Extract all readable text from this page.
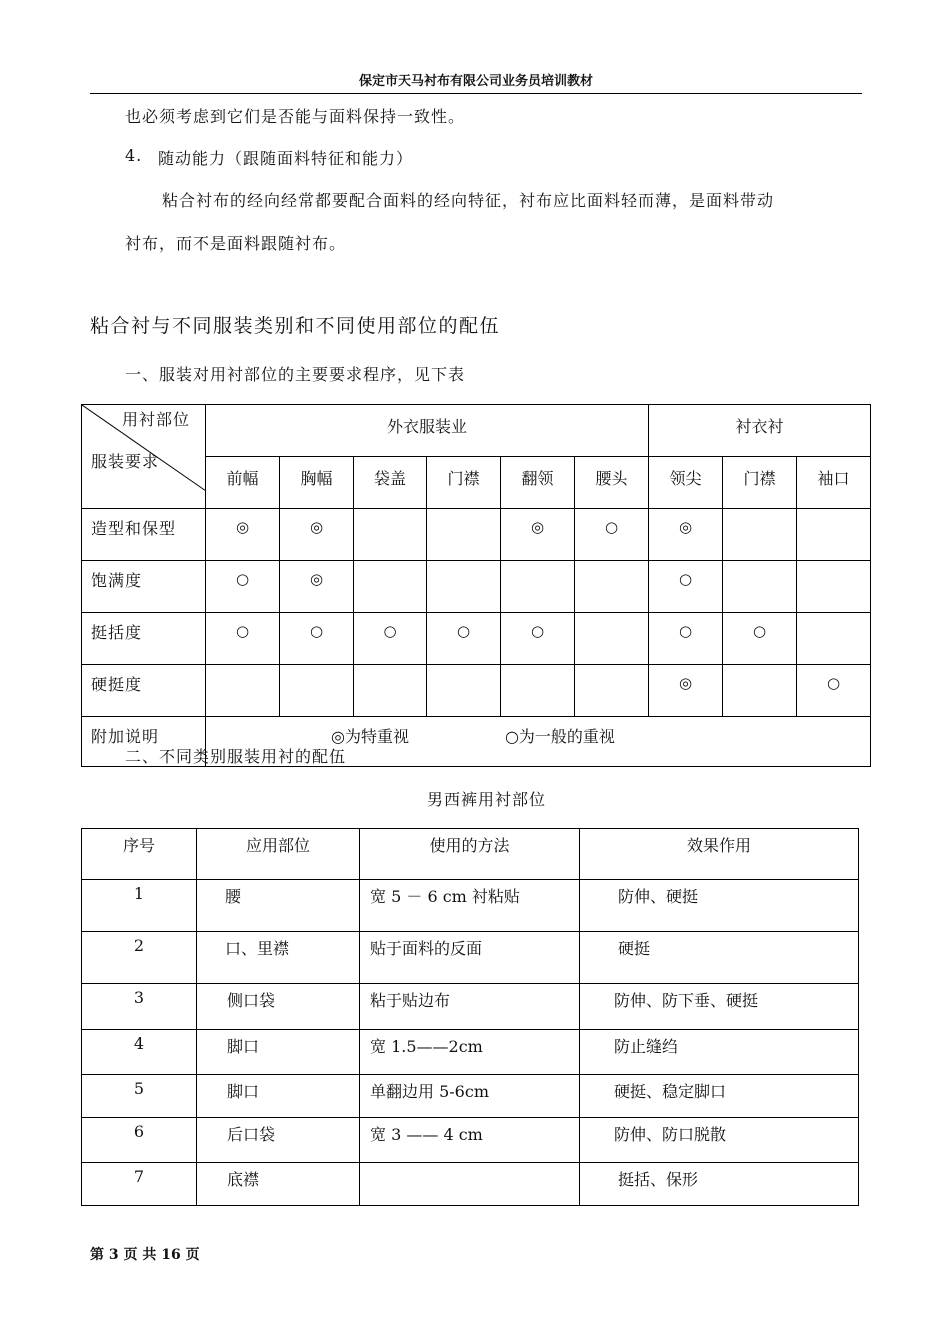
保定市天马衬布有限公司业务员培训教材
也必须考虑到它们是否能与面料保持一致性。
4. 随动能力（跟随面料特征和能力）
粘合衬布的经向经常都要配合面料的经向特征，衬布应比面料轻而薄，是面料带动
衬布，而不是面料跟随衬布。
粘合衬与不同服装类别和不同使用部位的配伍
一、服装对用衬部位的主要要求程序，见下表
用衬部位
服装要求	外衣服装业						衬衣衬		
	前幅	胸幅	袋盖	门襟	翻领	腰头	领尖	门襟	袖口
造型和保型	◎	◎			◎	○	◎		
饱满度	○	◎					○		
挺括度	○	○	○	○	○		○	○	
硬挺度							◎		○
附加说明	◎为特重视 ○为一般的重视								
二、不同类别服装用衬的配伍
男西裤用衬部位
序号	应用部位	使用的方法	效果作用
1	腰	宽 5 － 6 cm 衬粘贴	防伸、硬挺
2	口、里襟	贴于面料的反面	硬挺
3	侧口袋	粘于贴边布	防伸、防下垂、硬挺
4	脚口	宽 1.5——2cm	防止缝绉
5	脚口	单翻边用 5-6cm	硬挺、稳定脚口
6	后口袋	宽 3 —— 4 cm	防伸、防口脱散
7	底襟		挺括、保形
第 3 页 共 16 页
